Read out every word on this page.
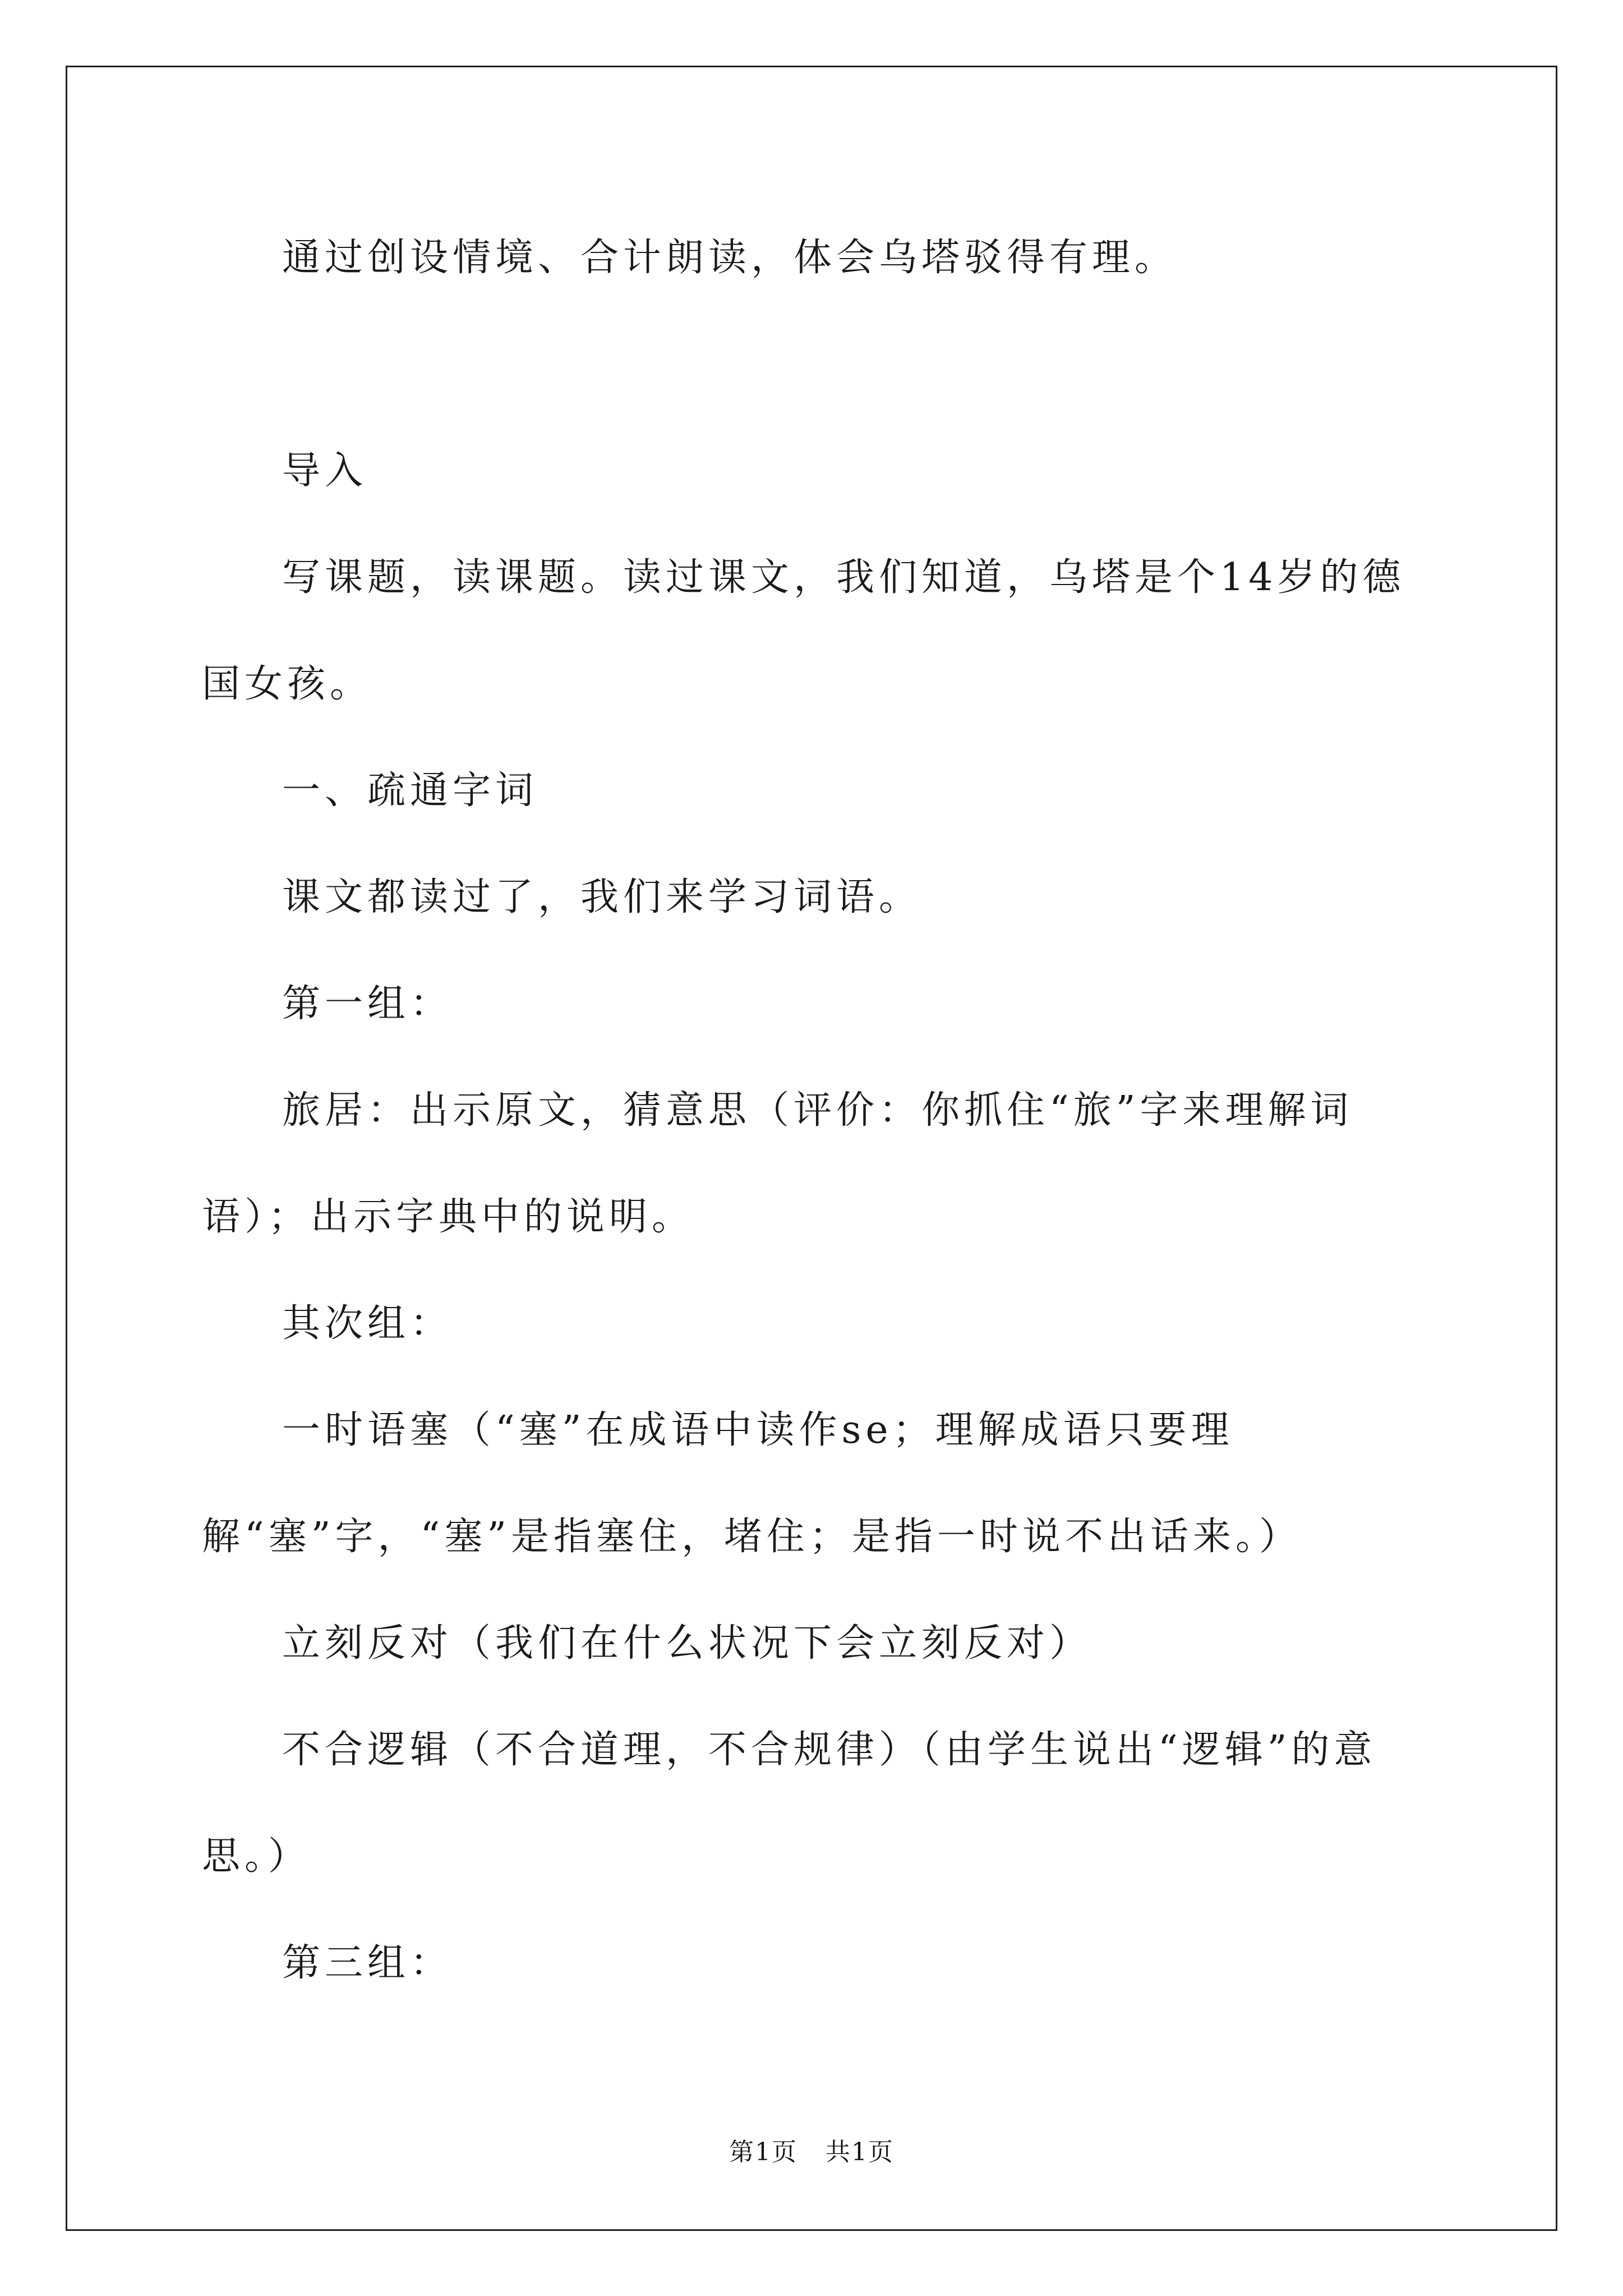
通过创设情境、合计朗读，体会乌塔驳得有理。

导入

写课题，读课题。读过课文，我们知道，乌塔是个14岁的德国女孩。

一、疏通字词

课文都读过了，我们来学习词语。

第一组：

旅居：出示原文，猜意思（评价：你抓住“旅”字来理解词语）；出示字典中的说明。

其次组：

一时语塞（“塞”在成语中读作se；理解成语只要理解“塞”字，“塞”是指塞住，堵住；是指一时说不出话来。）

立刻反对（我们在什么状况下会立刻反对）

不合逻辑（不合道理，不合规律）（由学生说出“逻辑”的意思。）

第三组：

第1页 共1页
